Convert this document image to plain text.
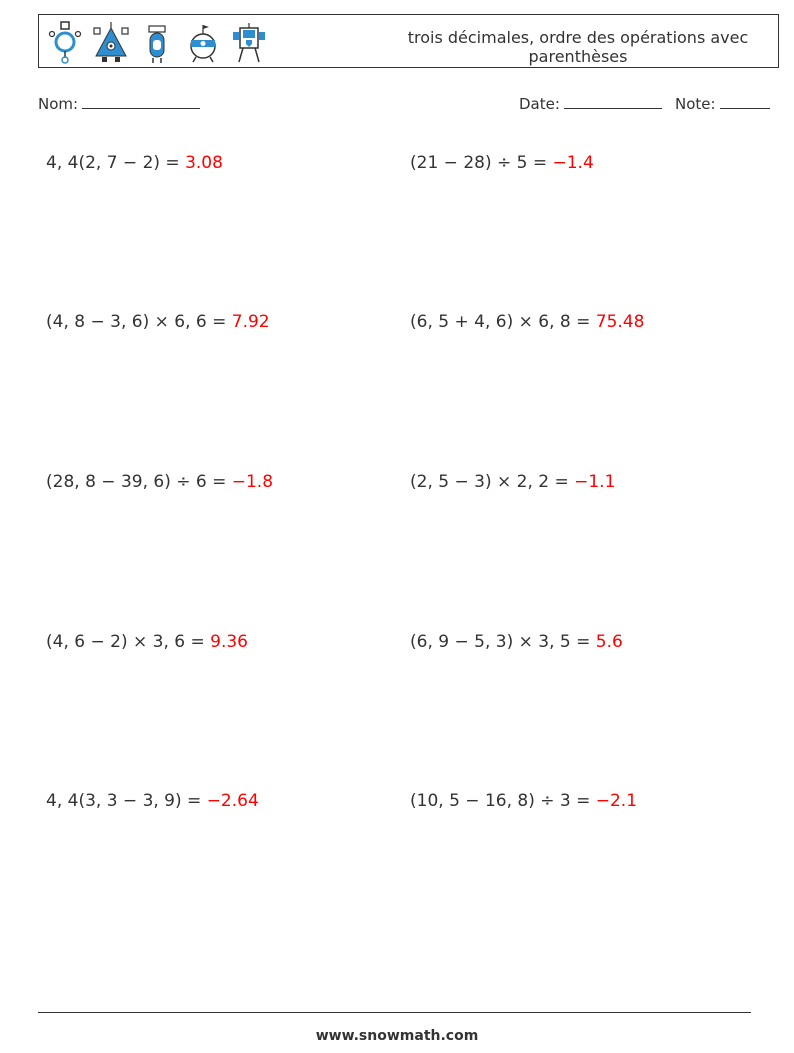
trois décimales, ordre des opérations avec parenthèses
Nom:	Date:	Note:
4, 4(2, 7 − 2) = 3.08	(21 − 28) ÷ 5 = −1.4
(4, 8 − 3, 6) × 6, 6 = 7.92	(6, 5 + 4, 6) × 6, 8 = 75.48
(28, 8 − 39, 6) ÷ 6 = −1.8	(2, 5 − 3) × 2, 2 = −1.1
(4, 6 − 2) × 3, 6 = 9.36	(6, 9 − 5, 3) × 3, 5 = 5.6
4, 4(3, 3 − 3, 9) = −2.64	(10, 5 − 16, 8) ÷ 3 = −2.1
www.snowmath.com
